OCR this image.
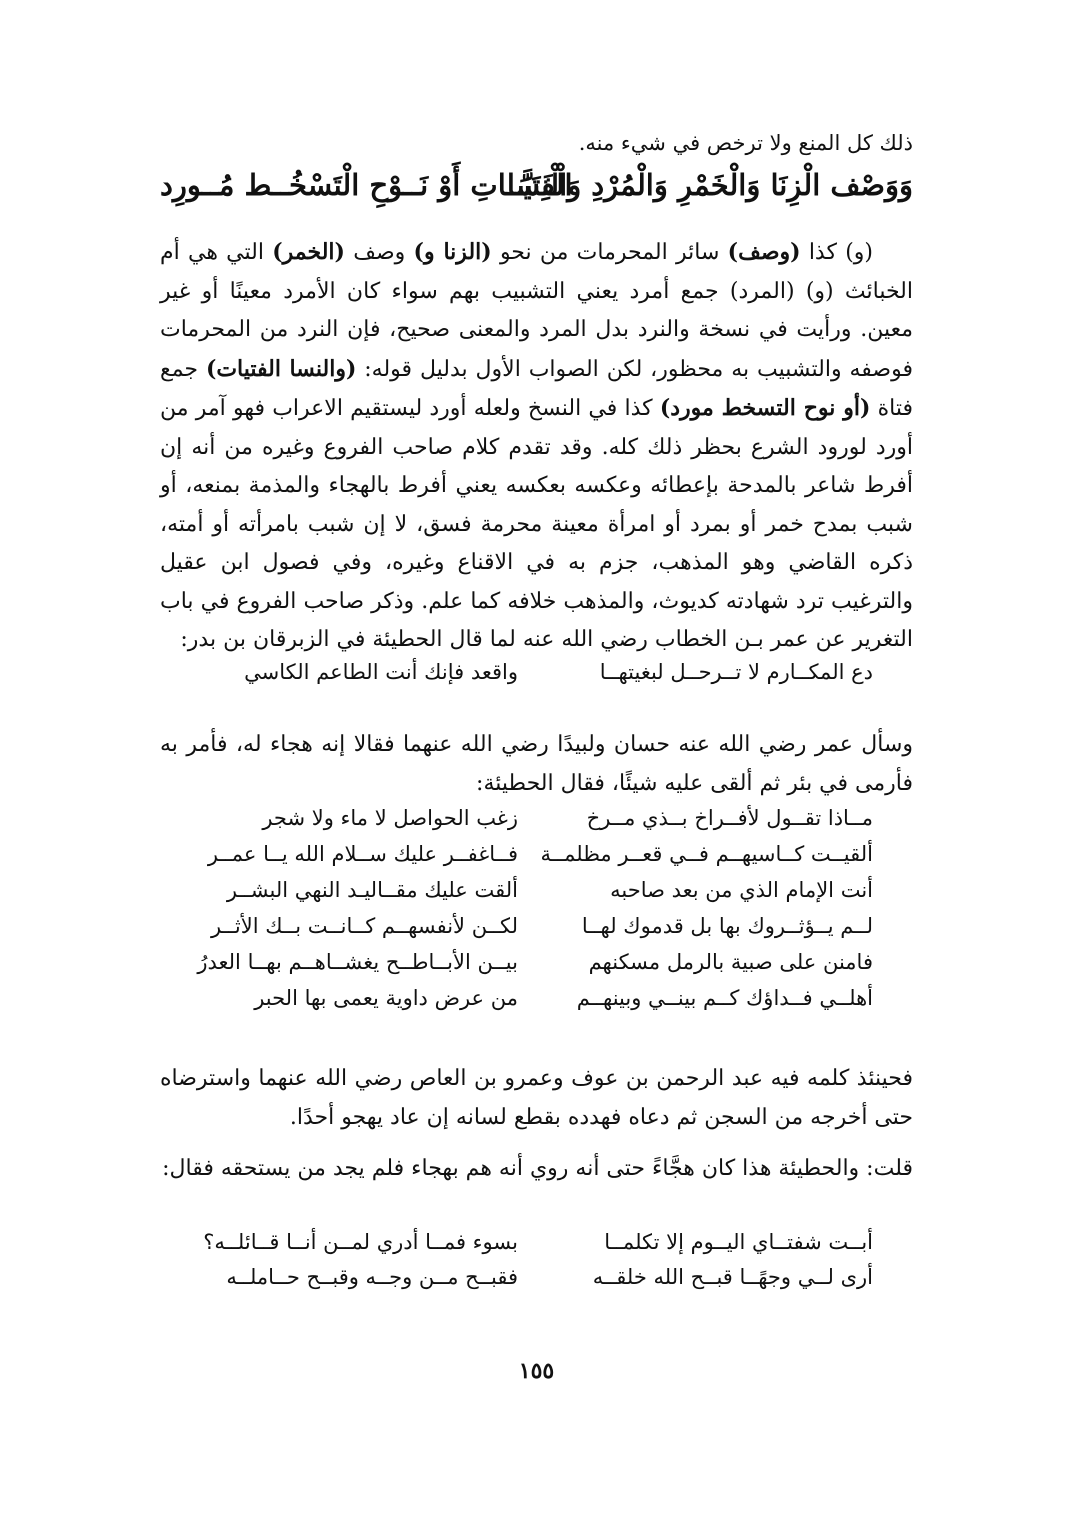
ذلك كل المنع ولا ترخص في شيء منه.
وَوَصْف الْزِنَا وَالْخَمْرِ وَالْمُرْدِ وَالْنِسَا
الْفَتَيَّــاتِ أَوْ نَــوْحِ الْتَسْخُــط مُــورِد

(و) كذا (وصف) سائر المحرمات من نحو (الزنا و) وصف (الخمر) التي هي أم الخبائث (و) (المرد) جمع أمرد يعني التشبيب بهم سواء كان الأمرد معينًا أو غير معين. ورأيت في نسخة والنرد بدل المرد والمعنى صحيح، فإن النرد من المحرمات فوصفه والتشبيب به محظور، لكن الصواب الأول بدليل قوله: (والنسا الفتيات) جمع فتاة (أو نوح التسخط مورد) كذا في النسخ ولعله أورد ليستقيم الاعراب فهو آمر من أورد لورود الشرع بحظر ذلك كله. وقد تقدم كلام صاحب الفروع وغيره من أنه إن أفرط شاعر بالمدحة بإعطائه وعكسه بعكسه يعني أفرط بالهجاء والمذمة بمنعه، أو شبب بمدح خمر أو بمرد أو امرأة معينة محرمة فسق، لا إن شبب بامرأته أو أمته، ذكره القاضي وهو المذهب، جزم به في الاقناع وغيره، وفي فصول ابن عقيل والترغيب ترد شهادته كديوث، والمذهب خلافه كما علم. وذكر صاحب الفروع في باب التغرير عن عمر بـن الخطاب رضي الله عنه لما قال الحطيئة في الزبرقان بن بدر:

دع المكــارم لا تــرحــل لبغيتهــا
واقعد فإنك أنت الطاعم الكاسي
وسأل عمر رضي الله عنه حسان ولبيدًا رضي الله عنهما فقالا إنه هجاء له، فأمر به فأرمى في بئر ثم ألقى عليه شيئًا، فقال الحطيئة:
مــاذا تقــول لأفــراخ بــذي مــرخ
زغب الحواصل لا ماء ولا شجر
ألقيــت كــاسيهــم فــي قعــر مظلمــة
فــاغفــر عليك ســلام الله يــا عمــر
أنت الإمام الذي من بعد صاحبه
ألقت عليك مقــاليـد النهي البشــر
لــم يــؤثــروك بها بل قدموك لهــا
لكــن لأنفسهــم كــانــت بــك الأثــر
فامنن على صبية بالرمل مسكنهم
بيــن الأبــاطــح يغشــاهــم بهــا العدرُ
أهلــي فــداؤك كــم بينــي وبينهــم
من عرض داوية يعمى بها الحبر
فحينئذ كلمه فيه عبد الرحمن بن عوف وعمرو بن العاص رضي الله عنهما واسترضاه حتى أخرجه من السجن ثم دعاه فهدده بقطع لسانه إن عاد يهجو أحدًا.
قلت: والحطيئة هذا كان هجَّاءً حتى أنه روي أنه هم بهجاء فلم يجد من يستحقه فقال:
أبــت شفتــاي اليــوم إلا تكلمــا
بسوء فمــا أدري لمــن أنــا قــائلــه؟
أرى لــي وجهًــا قبــح الله خلقــه
فقبــح مــن وجــه وقبــح حــاملــه
١٥٥
